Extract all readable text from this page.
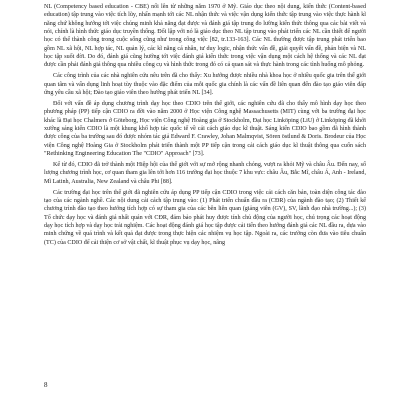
NL (Competency based education - CBE) nổi lên từ những năm 1970 ở Mỹ. Giáo dục theo nội dung, kiến thức (Content-based education) tập trung vào việc tích lũy, nhấn mạnh tới các NL nhận thức và việc vận dụng kiến thức tập trung vào việc thực hành kĩ năng chứ không hướng tới việc chúng minh khả năng đạt được và đánh giá tập trung đo lường kiến thức thông qua các bài viết và nói, chính là hình thức giáo dục truyền thống. Đối lập với nó là giáo dục theo NL tập trung vào phát triển các NL cần thiết để người học có thể thành công trong cuộc sống cũng như trong công việc [82, tr.133-163]. Các NL thường được tập trung phát triển bao gồm NL xã hội, NL hợp tác, NL quản lý, các kĩ năng cá nhân, tư duy logic, nhận thức vấn đề, giải quyết vấn đề, phản biện và NL học tập suốt đời. Do đó, đánh giá cũng hướng tới việc đánh giá kiến thức trong việc vận dụng một cách hệ thống và các NL đạt được cần phải đánh giá thông qua nhiều công cụ và hình thức trong đó có cả quan sát và thực hành trong các tình huống mô phỏng.

Các công trình của các nhà nghiên cứu nêu trên đã cho thấy: Xu hướng được nhiều nhà khoa học ở nhiều quốc gia trên thế giới quan tâm và vấn dụng linh hoạt tùy thuộc vào đặc điểm của mỗi quốc gia chính là các vấn đề liên quan đến đào tạo giáo viên đáp ứng yêu cầu xã hội; Đào tạo giáo viên theo hướng phát triển NL [34].

Đối với vấn đề áp dụng chương trình dạy học theo CDIO trên thế giới, các nghiên cứu đã cho thấy mô hình dạy học theo phương pháp (PP) tiếp cận CDIO ra đời vào năm 2000 ở Học viện Công nghệ Massachusetts (MIT) cùng với ba trường đại học khác là Đại học Chalmers ở Göteborg, Học viện Công nghệ Hoàng gia ở Stockholm, Đại học Linköping (LiU) ở Linköping đã khởi xướng sáng kiến CDIO là một khung khổ hợp tác quốc tế về cải cách giáo dục kĩ thuật. Sáng kiến CDIO bao gồm đã hình thành được công của ba trường sau đó được nhóm tác giả Edward F. Crawley, Johan Malmqvist, Sören östlund & Doris. Brodeur của Học viện Công nghệ Hoàng Gia ở Stockholm phát triển thành một PP tiếp cận trong cải cách giáo dục kĩ thuật thông qua cuốn sách "Rethinking Engineering Education The "CDIO" Approach" [73].

Kể từ đó, CDIO đã trở thành một Hiệp hội của thế giới với sự mở rộng nhanh chóng, vượt ra khỏi Mỹ và châu Âu. Đến nay, số lượng chương trình học, cơ quan tham gia lên tới hơn 116 trường đại học thuộc 7 khu vực: châu Âu, Bắc Mĩ, châu Á, Anh - Ireland, Mĩ Latinh, Australia, New Zealand và châu Phi [88].

Các trường đại học trên thế giới đã nghiên cứu áp dụng PP tiếp cận CDIO trong việc cải cách căn bản, toàn diện công tác đào tạo của các ngành nghề. Các nội dung cải cách tập trung vào: (1) Phát triển chuẩn đầu ra (CĐR) của ngành đào tạo; (2) Thiết kế chương trình đào tạo theo hướng tích hợp có sự tham gia của các bên liên quan (giảng viên (GV), SV, lãnh đạo nhà trường...); (3) Tổ chức dạy học và đánh giá nhất quán với CĐR, đảm bảo phát huy được tính chủ động của người học, chú trọng các hoạt động dạy học tích hợp và dạy học trải nghiệm. Các hoạt động đánh giá học tập được cải tiến theo hướng đánh giá các NL đầu ra, dựa vào minh chứng về quá trình và kết quả đạt được trong thực hiện các nhiệm vụ học tập. Ngoài ra, các trường còn đưa vào tiêu chuẩn (TC) của CDIO để cải thiện cơ sở vật chất, kĩ thuật phục vụ dạy học, nâng

8
